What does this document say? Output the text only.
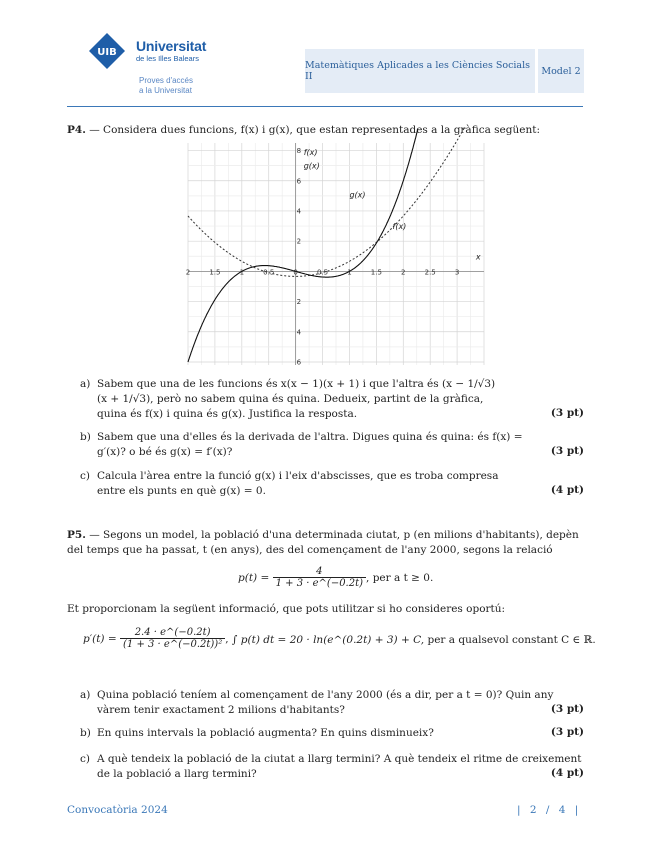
UIB Universitat
de les Illes Balears
Proves d'accés
a la Universitat
Matemàtiques Aplicades a les Ciències Socials II	Model 2
P4. — Considera dues funcions, f(x) i g(x), que estan representades a la gràfica següent:
2	1.5	1	0.5	0	0.5	1	1.5	2	2.5	3
8
6
4
2
2
4
6
f(x)
g(x)
g(x)
f(x)
x
a) Sabem que una de les funcions és x(x − 1)(x + 1) i que l'altra és (x − 1/√3)(x + 1/√3), però no sabem quina és quina. Deduеix, partint de la gràfica, quina és f(x) i quina és g(x). Justifica la resposta.	(3 pt)
b) Sabem que una d'elles és la derivada de l'altra. Digues quina és quina: és f(x) = g′(x)? o bé és g(x) = f′(x)?	(3 pt)
c) Calcula l'àrea entre la funció g(x) i l'eix d'abscisses, que es troba compresa entre els punts en què g(x) = 0.	(4 pt)
P5. — Segons un model, la població d'una determinada ciutat, p (en milions d'habitants), depèn del temps que ha passat, t (en anys), des del començament de l'any 2000, segons la relació
p(t) =
$\frac{4}{1 + 3 \cdot e\^{}(-0.2t)}$ , per a t ≥ 0.
Et proporcionam la següent informació, que pots utilitzar si ho consideres oportú:
p′(t) =
$\frac{2.4 \cdot e\^{}(-0.2t)}{\text{(1 + 3 · e\textasciicircum{}(−0.2t))²}}$ , ∫ p(t) dt = 20 · ln(e^(0.2t) + 3) + C, per a qualsevol constant C ∈ ℝ.
a) Quina població teníem al començament de l'any 2000 (és a dir, per a t = 0)? Quin any vàrem tenir exactament 2 milions d'habitants?	(3 pt)
b) En quins intervals la població augmenta? En quins disminueix?	(3 pt)
c) A què tendeix la població de la ciutat a llarg termini? A què tendeix el ritme de creixement de la població a llarg termini?	(4 pt)
Convocatòria 2024	| 2 / 4 |
